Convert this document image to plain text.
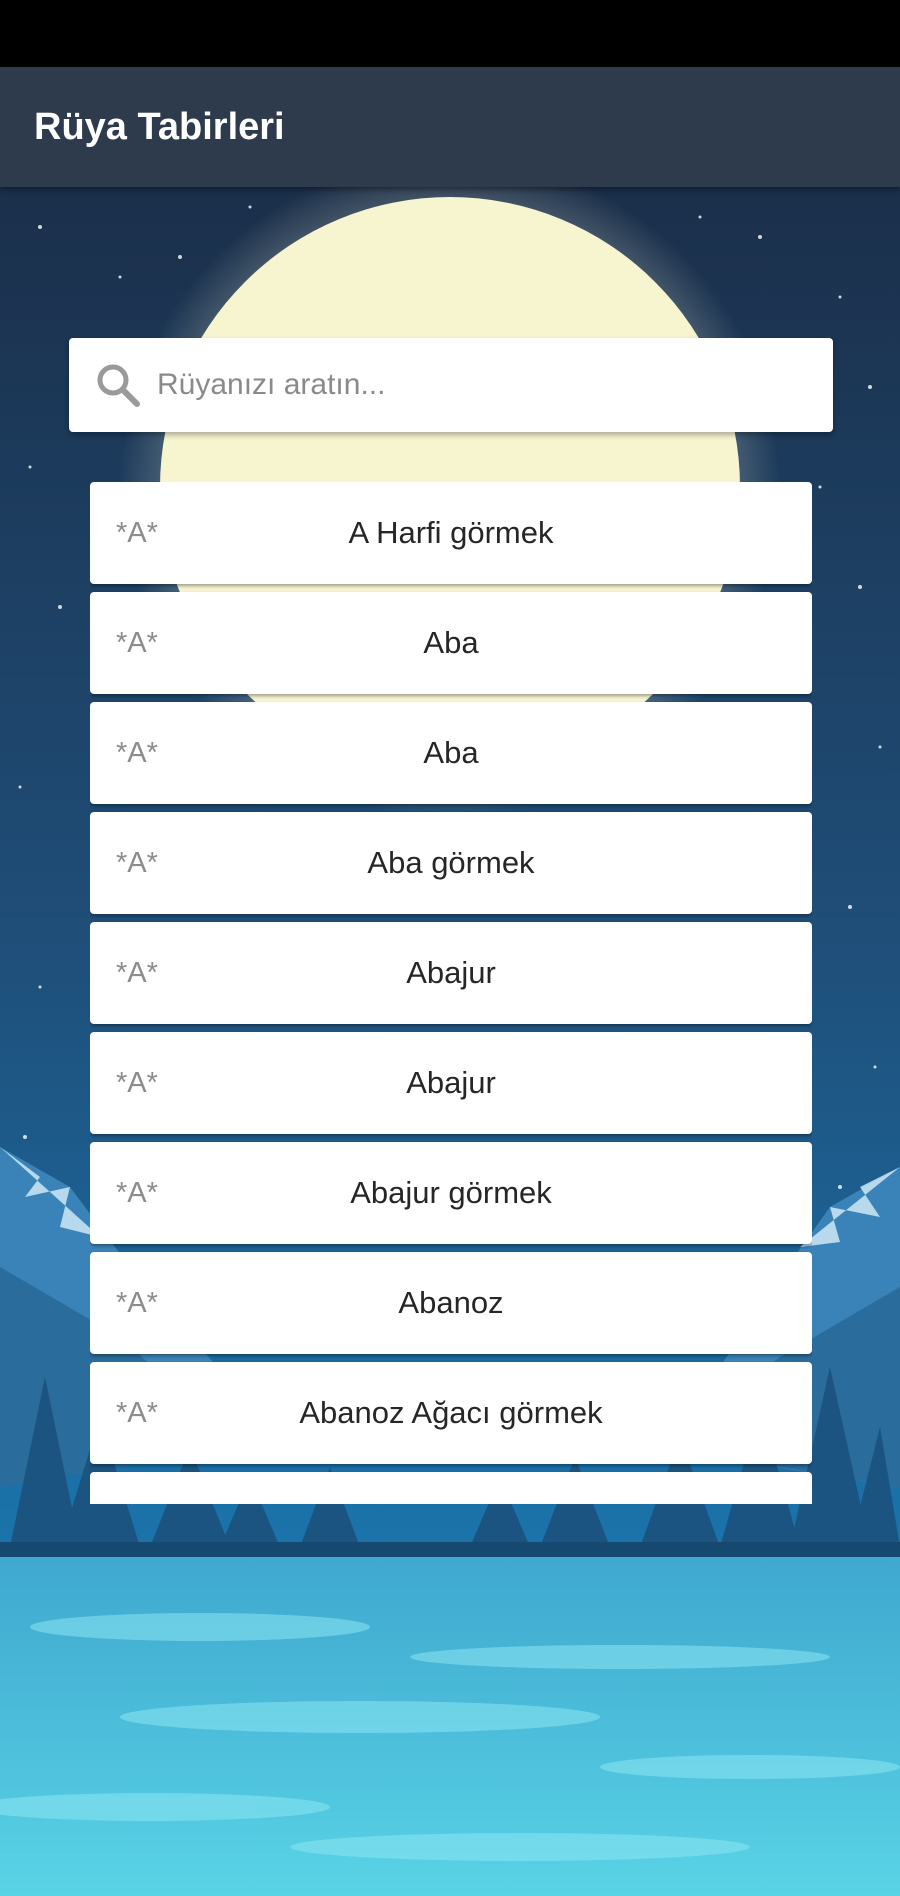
Rüya Tabirleri
Rüyanızı aratın...
*A*	A Harfi görmek
*A*	Aba
*A*	Aba
*A*	Aba görmek
*A*	Abajur
*A*	Abajur
*A*	Abajur görmek
*A*	Abanoz
*A*	Abanoz Ağacı görmek
